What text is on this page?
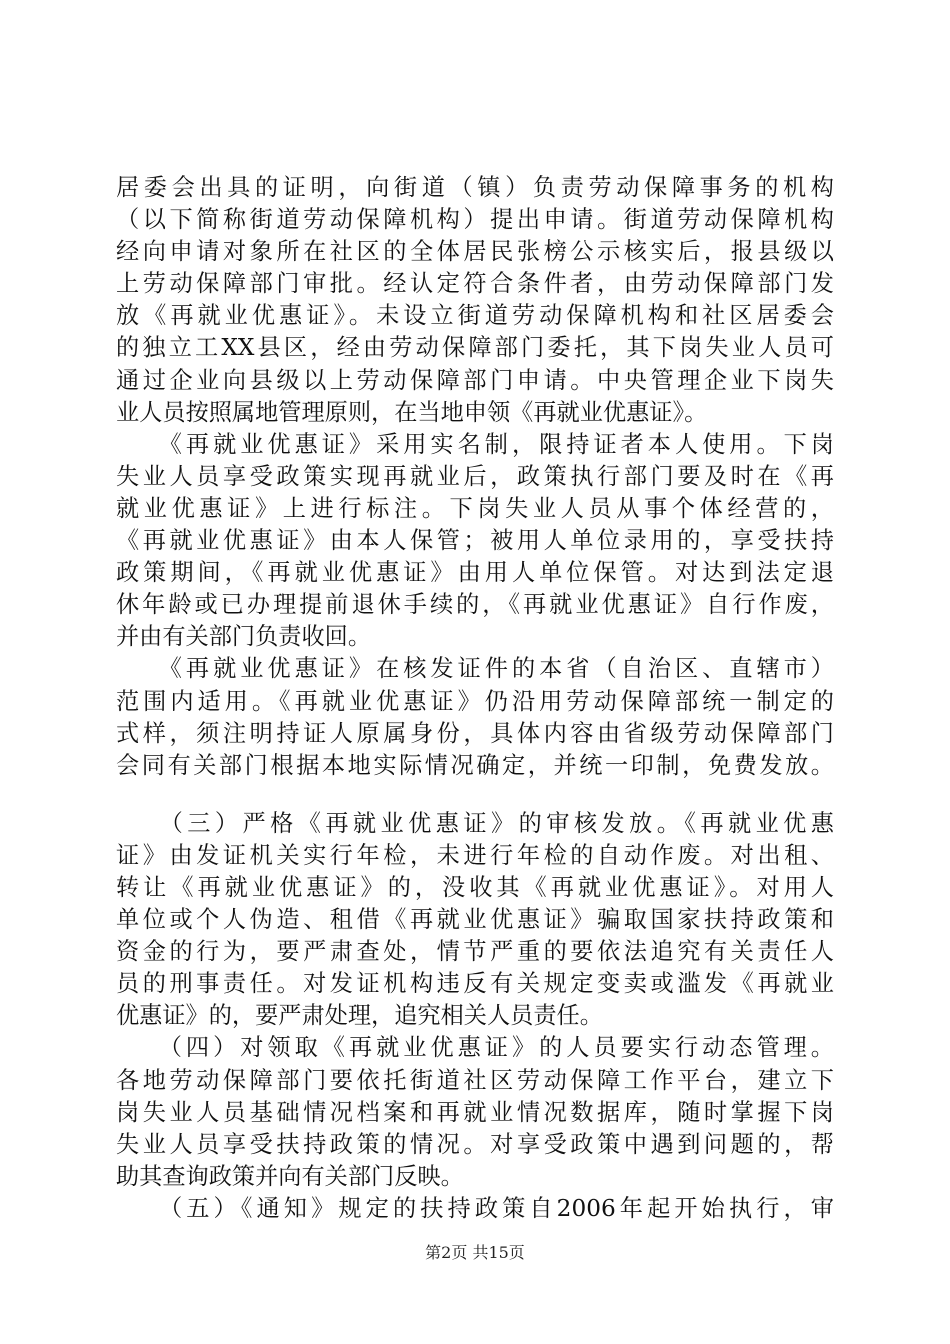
居委会出具的证明，向街道（镇）负责劳动保障事务的机构
（以下简称街道劳动保障机构）提出申请。街道劳动保障机构
经向申请对象所在社区的全体居民张榜公示核实后，报县级以
上劳动保障部门审批。经认定符合条件者，由劳动保障部门发
放《再就业优惠证》。未设立街道劳动保障机构和社区居委会
的独立工XX县区，经由劳动保障部门委托，其下岗失业人员可
通过企业向县级以上劳动保障部门申请。中央管理企业下岗失
业人员按照属地管理原则，在当地申领《再就业优惠证》。
　　《再就业优惠证》采用实名制，限持证者本人使用。下岗
失业人员享受政策实现再就业后，政策执行部门要及时在《再
就业优惠证》上进行标注。下岗失业人员从事个体经营的，
《再就业优惠证》由本人保管；被用人单位录用的，享受扶持
政策期间，《再就业优惠证》由用人单位保管。对达到法定退
休年龄或已办理提前退休手续的，《再就业优惠证》自行作废，
并由有关部门负责收回。
　　《再就业优惠证》在核发证件的本省（自治区、直辖市）
范围内适用。《再就业优惠证》仍沿用劳动保障部统一制定的
式样，须注明持证人原属身份，具体内容由省级劳动保障部门
会同有关部门根据本地实际情况确定，并统一印制，免费发放。
　　（三）严格《再就业优惠证》的审核发放。《再就业优惠
证》由发证机关实行年检，未进行年检的自动作废。对出租、
转让《再就业优惠证》的，没收其《再就业优惠证》。对用人
单位或个人伪造、租借《再就业优惠证》骗取国家扶持政策和
资金的行为，要严肃查处，情节严重的要依法追究有关责任人
员的刑事责任。对发证机构违反有关规定变卖或滥发《再就业
优惠证》的，要严肃处理，追究相关人员责任。
　　（四）对领取《再就业优惠证》的人员要实行动态管理。
各地劳动保障部门要依托街道社区劳动保障工作平台，建立下
岗失业人员基础情况档案和再就业情况数据库，随时掌握下岗
失业人员享受扶持政策的情况。对享受政策中遇到问题的，帮
助其查询政策并向有关部门反映。
　　（五）《通知》规定的扶持政策自2006年起开始执行，审
第2页 共15页
